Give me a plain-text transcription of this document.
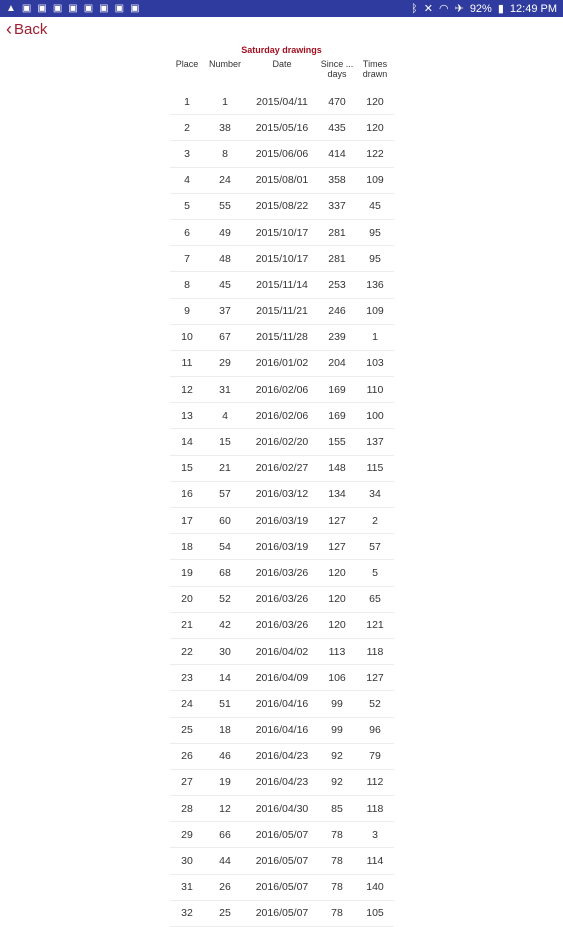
▲ ▣ ▣ ▣ ▣ ▣ ▣ ▣ ▣	ᛒ ✕ ◠ ✈ 92% ▮ 12:49 PM
‹ Back
Saturday drawings
Place	Number	Date	Since ... days	Times drawn
1	1	2015/04/11	470	120
2	38	2015/05/16	435	120
3	8	2015/06/06	414	122
4	24	2015/08/01	358	109
5	55	2015/08/22	337	45
6	49	2015/10/17	281	95
7	48	2015/10/17	281	95
8	45	2015/11/14	253	136
9	37	2015/11/21	246	109
10	67	2015/11/28	239	1
11	29	2016/01/02	204	103
12	31	2016/02/06	169	110
13	4	2016/02/06	169	100
14	15	2016/02/20	155	137
15	21	2016/02/27	148	115
16	57	2016/03/12	134	34
17	60	2016/03/19	127	2
18	54	2016/03/19	127	57
19	68	2016/03/26	120	5
20	52	2016/03/26	120	65
21	42	2016/03/26	120	121
22	30	2016/04/02	113	118
23	14	2016/04/09	106	127
24	51	2016/04/16	99	52
25	18	2016/04/16	99	96
26	46	2016/04/23	92	79
27	19	2016/04/23	92	112
28	12	2016/04/30	85	118
29	66	2016/05/07	78	3
30	44	2016/05/07	78	114
31	26	2016/05/07	78	140
32	25	2016/05/07	78	105
